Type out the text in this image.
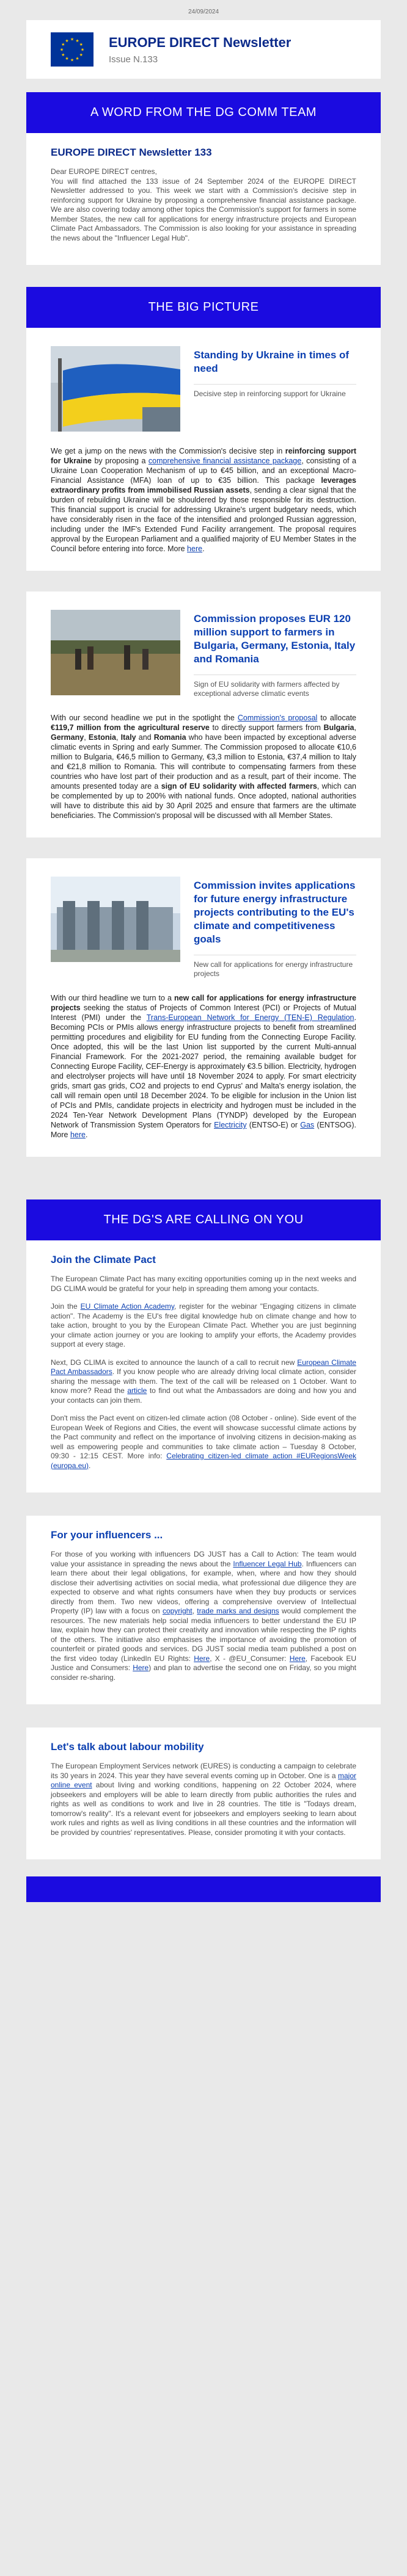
24/09/2024
★ ★
★
★
★
★
★
★
★
★
★
★	EUROPE DIRECT Newsletter
Issue N.133
A WORD FROM THE DG COMM TEAM
EUROPE DIRECT Newsletter 133

Dear EUROPE DIRECT centres,

You will find attached the 133 issue of 24 September 2024 of the EUROPE DIRECT Newsletter addressed to you. This week we start with a Commission's decisive step in reinforcing support for Ukraine by proposing a comprehensive financial assistance package. We are also covering today among other topics the Commission's support for farmers in some Member States, the new call for applications for energy infrastructure projects and European Climate Pact Ambassadors. The Commission is also looking for your assistance in spreading the news about the "Influencer Legal Hub".

THE BIG PICTURE
Standing by Ukraine in times of need
Decisive step in reinforcing support for Ukraine

We get a jump on the news with the Commission's decisive step in reinforcing support for Ukraine by proposing a comprehensive financial assistance package, consisting of a Ukraine Loan Cooperation Mechanism of up to €45 billion, and an exceptional Macro-Financial Assistance (MFA) loan of up to €35 billion. This package leverages extraordinary profits from immobilised Russian assets, sending a clear signal that the burden of rebuilding Ukraine will be shouldered by those responsible for its destruction. This financial support is crucial for addressing Ukraine's urgent budgetary needs, which have considerably risen in the face of the intensified and prolonged Russian aggression, including under the IMF's Extended Fund Facility arrangement. The proposal requires approval by the European Parliament and a qualified majority of EU Member States in the Council before entering into force. More here.

Commission proposes EUR 120 million support to farmers in Bulgaria, Germany, Estonia, Italy and Romania
Sign of EU solidarity with farmers affected by exceptional adverse climatic events

With our second headline we put in the spotlight the Commission's proposal to allocate €119,7 million from the agricultural reserve to directly support farmers from Bulgaria, Germany, Estonia, Italy and Romania who have been impacted by exceptional adverse climatic events in Spring and early Summer. The Commission proposed to allocate €10,6 million to Bulgaria, €46,5 million to Germany, €3,3 million to Estonia, €37,4 million to Italy and €21,8 million to Romania. This will contribute to compensating farmers from these countries who have lost part of their production and as a result, part of their income. The amounts presented today are a sign of EU solidarity with affected farmers, which can be complemented by up to 200% with national funds. Once adopted, national authorities will have to distribute this aid by 30 April 2025 and ensure that farmers are the ultimate beneficiaries. The Commission's proposal will be discussed with all Member States.

Commission invites applications for future energy infrastructure projects contributing to the EU's climate and competitiveness goals
New call for applications for energy infrastructure projects

With our third headline we turn to a new call for applications for energy infrastructure projects seeking the status of Projects of Common Interest (PCI) or Projects of Mutual Interest (PMI) under the Trans-European Network for Energy (TEN-E) Regulation. Becoming PCIs or PMIs allows energy infrastructure projects to benefit from streamlined permitting procedures and eligibility for EU funding from the Connecting Europe Facility. Once adopted, this will be the last Union list supported by the current Multi-annual Financial Framework. For the 2021-2027 period, the remaining available budget for Connecting Europe Facility, CEF-Energy is approximately €3.5 billion. Electricity, hydrogen and electrolyser projects will have until 18 November 2024 to apply. For smart electricity grids, smart gas grids, CO2 and projects to end Cyprus' and Malta's energy isolation, the call will remain open until 18 December 2024. To be eligible for inclusion in the Union list of PCIs and PMIs, candidate projects in electricity and hydrogen must be included in the 2024 Ten-Year Network Development Plans (TYNDP) developed by the European Network of Transmission System Operators for Electricity (ENTSO-E) or Gas (ENTSOG). More here.

THE DG'S ARE CALLING ON YOU
Join the Climate Pact

The European Climate Pact has many exciting opportunities coming up in the next weeks and DG CLIMA would be grateful for your help in spreading them among your contacts.

Join the EU Climate Action Academy, register for the webinar "Engaging citizens in climate action". The Academy is the EU's free digital knowledge hub on climate change and how to take action, brought to you by the European Climate Pact. Whether you are just beginning your climate action journey or you are looking to amplify your efforts, the Academy provides support at every stage.

Next, DG CLIMA is excited to announce the launch of a call to recruit new European Climate Pact Ambassadors. If you know people who are already driving local climate action, consider sharing the message with them. The text of the call will be released on 1 October. Want to know more? Read the article to find out what the Ambassadors are doing and how you and your contacts can join them.

Don't miss the Pact event on citizen-led climate action (08 October - online). Side event of the European Week of Regions and Cities, the event will showcase successful climate actions by the Pact community and reflect on the importance of involving citizens in decision-making as well as empowering people and communities to take climate action – Tuesday 8 October, 09:30 - 12:15 CEST. More info: Celebrating citizen-led climate action #EURegionsWeek (europa.eu).

For your influencers ...

For those of you working with influencers DG JUST has a Call to Action: The team would value your assistance in spreading the news about the Influencer Legal Hub. Influencers can learn there about their legal obligations, for example, when, where and how they should disclose their advertising activities on social media, what professional due diligence they are expected to observe and what rights consumers have when they buy products or services directly from them. Two new videos, offering a comprehensive overview of Intellectual Property (IP) law with a focus on copyright, trade marks and designs would complement the resources. The new materials help social media influencers to better understand the EU IP law, explain how they can protect their creativity and innovation while respecting the IP rights of the others. The initiative also emphasises the importance of avoiding the promotion of counterfeit or pirated goods and services. DG JUST social media team published a post on the first video today (LinkedIn EU Rights: Here, X - @EU_Consumer: Here, Facebook EU Justice and Consumers: Here) and plan to advertise the second one on Friday, so you might consider re-sharing.

Let's talk about labour mobility

The European Employment Services network (EURES) is conducting a campaign to celebrate its 30 years in 2024. This year they have several events coming up in October. One is a major online event about living and working conditions, happening on 22 October 2024, where jobseekers and employers will be able to learn directly from public authorities the rules and rights as well as conditions to work and live in 28 countries. The title is "Todays dream, tomorrow's reality". It's a relevant event for jobseekers and employers seeking to learn about work rules and rights as well as living conditions in all these countries and the information will be provided by countries' representatives. Please, consider promoting it with your contacts.
